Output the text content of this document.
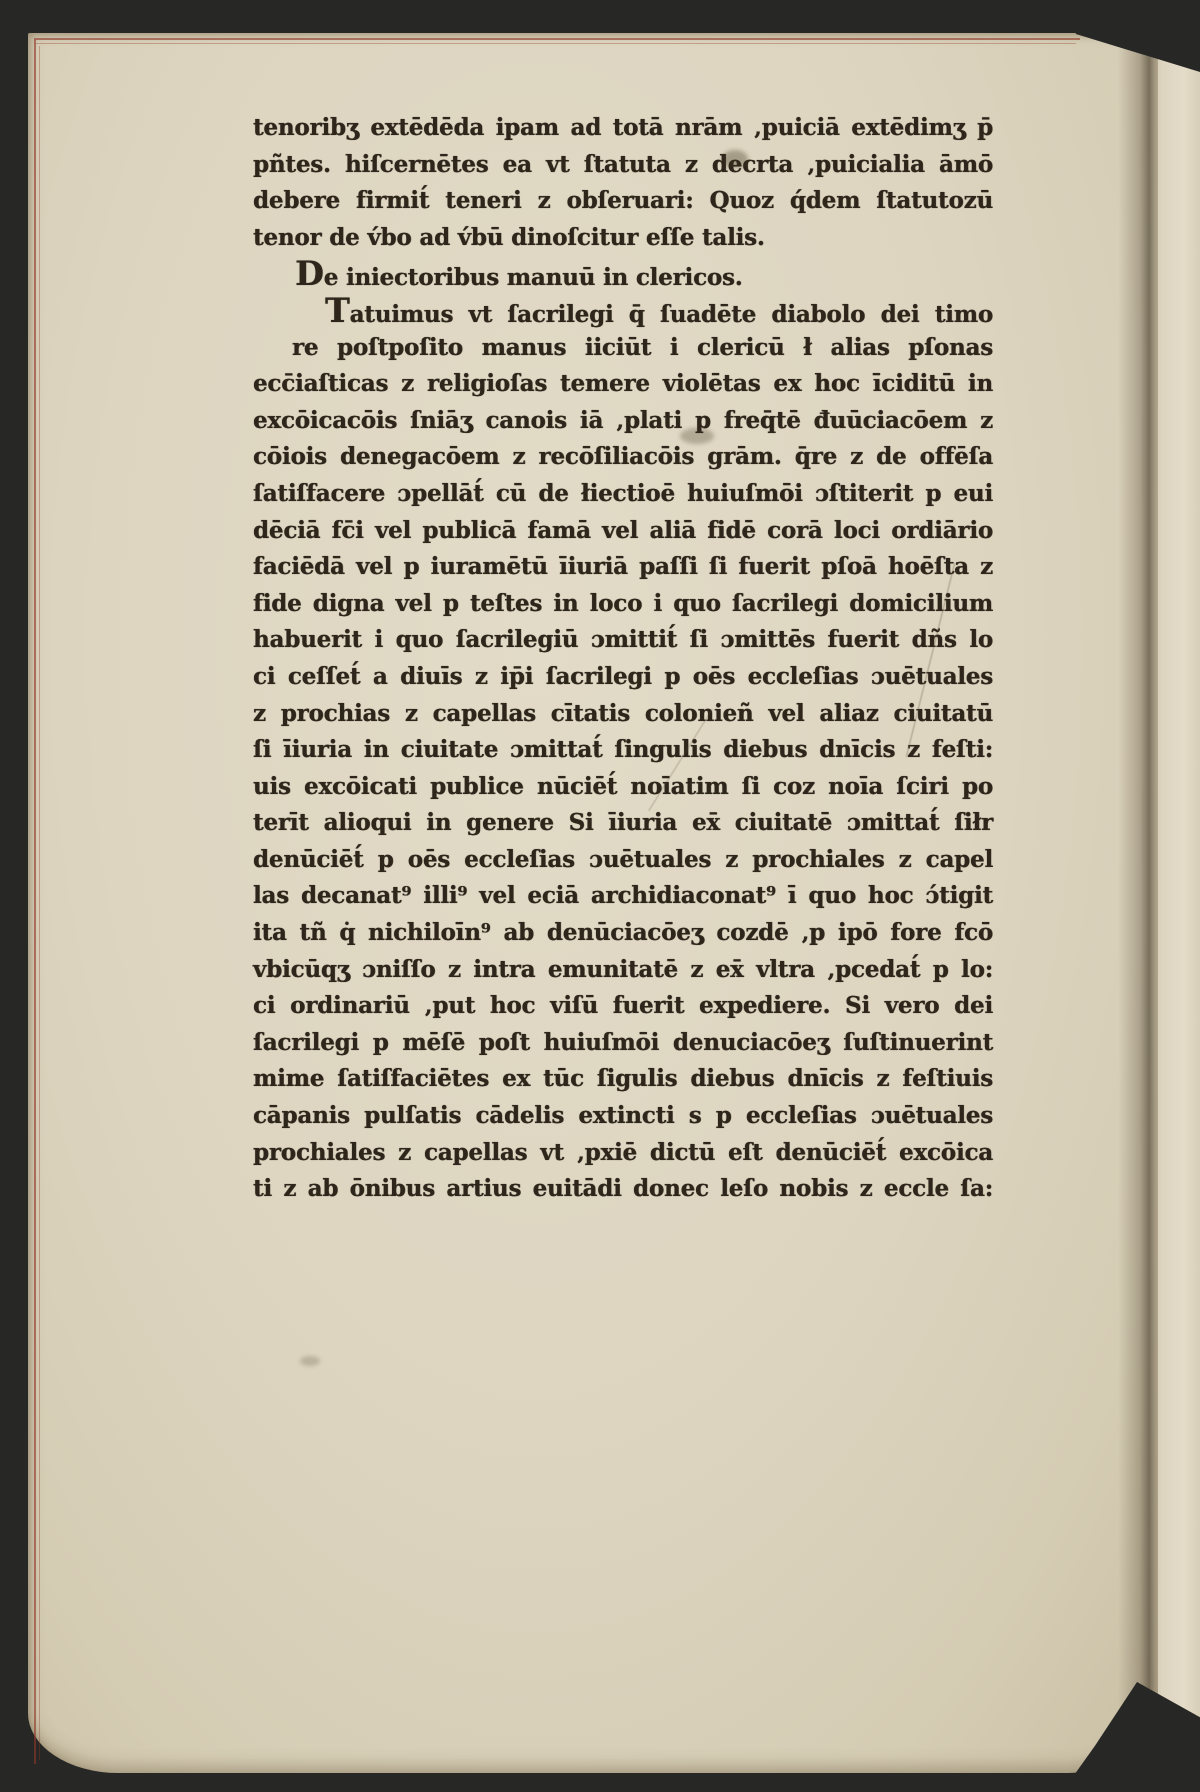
tenoribʒ extēdēda ipam ad totā nrām ‚puiciā extēdimʒ p̄
pñtes. hiſcernētes ea vt ſtatuta z decrta ‚puicialia āmō
debere firmit́ teneri z obſeruari: Quoz q́dem ſtatutozū
tenor de v́bo ad v́bū dinoſcitur eſſe talis.
De iniectoribus manuū in clericos.
Tatuimus vt ſacrilegi q̄ ſuadēte diabolo dei timo
re poſtpoſito manus iiciūt i clericū ł alias pſonas
ecc̄iaſticas z religioſas temere violētas ex hoc īciditū in
excōicacōis ſniāʒ canois iā ‚plati p freq̄tē đuūciacōem z
cōiois denegacōem z recōſiliacōis grām. q̄re z de offēſa
ſatiſfacere ɔpellāt́ cū de łiectioē huiuſmōi ɔſtiterit p eui
dēciā fc̄i vel publicā famā vel aliā fidē corā loci ordiārio
faciēdā vel p iuramētū īiuriā paſſi ſi fuerit pſoā hoēſta z
fide digna vel p teſtes in loco i quo ſacrilegi domicilium
habuerit i quo ſacrilegiū ɔmittit́ ſi ɔmittēs fuerit dñs lo
ci ceſſet́ a diuīs z ip̄i ſacrilegi p oēs eccleſias ɔuētuales
z prochias z capellas cītatis colonieñ vel aliaz ciuitatū
ſi īiuria in ciuitate ɔmittat́ ſingulis diebus dnīcis z feſti:
uis excōicati publice nūciēt́ noīatim ſi coz noīa ſciri po
terīt alioqui in genere Si īiuria ex̄ ciuitatē ɔmittat́ ſiłr
denūciēt́ p oēs eccleſias ɔuētuales z prochiales z capel
las decanat⁹ illi⁹ vel eciā archidiaconat⁹ ī quo hoc ɔ́tigit
ita tñ q̇ nichiloīn⁹ ab denūciacōeʒ cozdē ‚p ipō fore fcō
vbicūqʒ ɔniſſo z intra emunitatē z ex̄ vltra ‚pcedat́ p lo:
ci ordinariū ‚put hoc viſū fuerit expediere. Si vero dei
ſacrilegi p mēſē poſt huiuſmōi denuciacōeʒ ſuſtinuerint
mime ſatiſfaciētes ex tūc ſigulis diebus dnīcis z feſtiuis
cāpanis pulſatis cādelis extincti s p eccleſias ɔuētuales
prochiales z capellas vt ‚pxiē dictū eſt denūciēt́ excōica
ti z ab ōnibus artius euitādi donec leſo nobis z eccle ſa:
